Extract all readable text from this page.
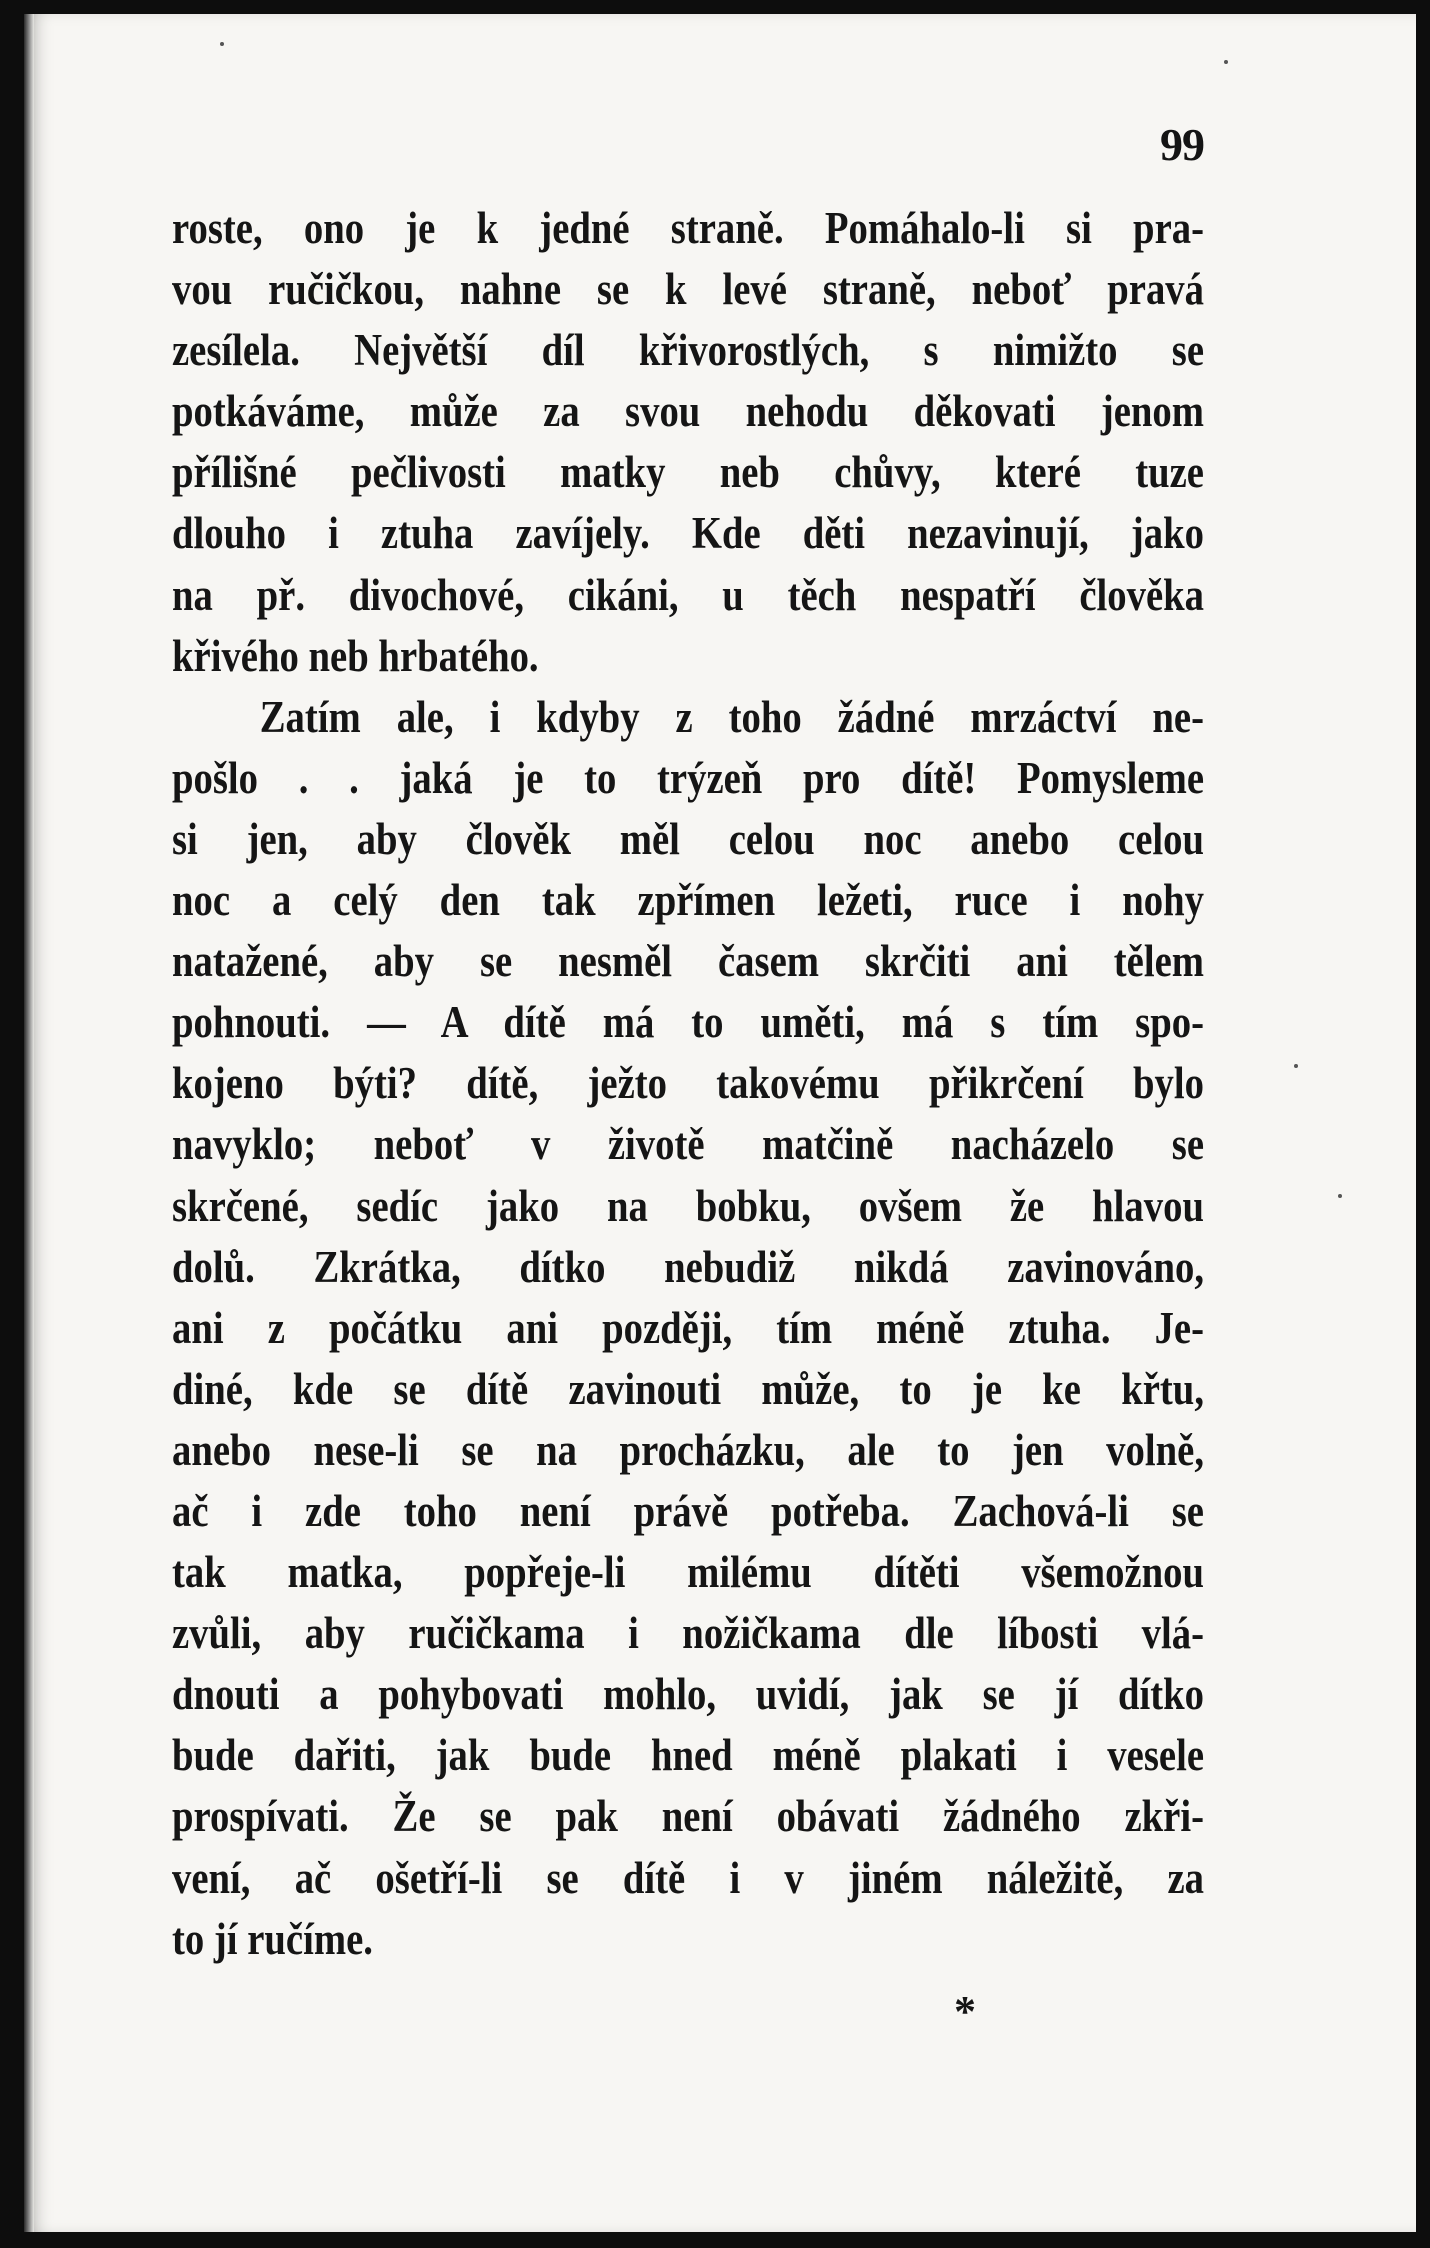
99
roste, ono je k jedné straně. Pomáhalo-li si pra-
vou ručičkou, nahne se k levé straně, neboť pravá
zesílela. Největší díl křivorostlých, s nimižto se
potkáváme, může za svou nehodu děkovati jenom
přílišné pečlivosti matky neb chůvy, které tuze
dlouho i ztuha zavíjely. Kde děti nezavinují, jako
na př. divochové, cikáni, u těch nespatří člověka
křivého neb hrbatého.
Zatím ale, i kdyby z toho žádné mrzáctví ne-
pošlo . . jaká je to trýzeň pro dítě! Pomysleme
si jen, aby člověk měl celou noc anebo celou
noc a celý den tak zpřímen ležeti, ruce i nohy
natažené, aby se nesměl časem skrčiti ani tělem
pohnouti. — A dítě má to uměti, má s tím spo-
kojeno býti? dítě, ježto takovému přikrčení bylo
navyklo; neboť v životě matčině nacházelo se
skrčené, sedíc jako na bobku, ovšem že hlavou
dolů. Zkrátka, dítko nebudiž nikdá zavinováno,
ani z počátku ani později, tím méně ztuha. Je-
diné, kde se dítě zavinouti může, to je ke křtu,
anebo nese-li se na procházku, ale to jen volně,
ač i zde toho není právě potřeba. Zachová-li se
tak matka, popřeje-li milému dítěti všemožnou
zvůli, aby ručičkama i nožičkama dle líbosti vlá-
dnouti a pohybovati mohlo, uvidí, jak se jí dítko
bude dařiti, jak bude hned méně plakati i vesele
prospívati. Že se pak není obávati žádného zkři-
vení, ač ošetří-li se dítě i v jiném náležitě, za
to jí ručíme.
*
